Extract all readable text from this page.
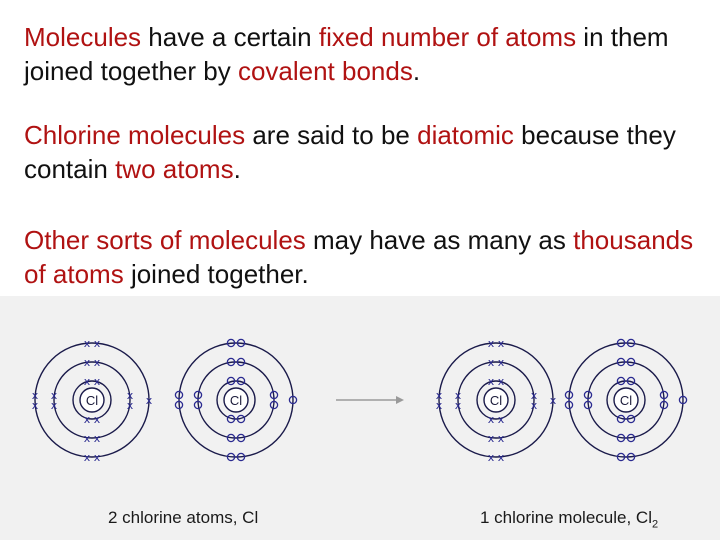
Molecules have a certain fixed number of atoms in them joined together by covalent bonds.
Chlorine molecules are said to be diatomic because they contain two atoms.
Other sorts of molecules may have as many as thousands of atoms joined together.
Cl
x x
x x
x x
x
x
x x
x
x
x x
x x
x
x	x	Cl	Cl
x x
x x
x x
x
x
x x
x
x
x x
x x
x
x	x	Cl
2 chlorine atoms, Cl	1 chlorine molecule, $Cl_2$
